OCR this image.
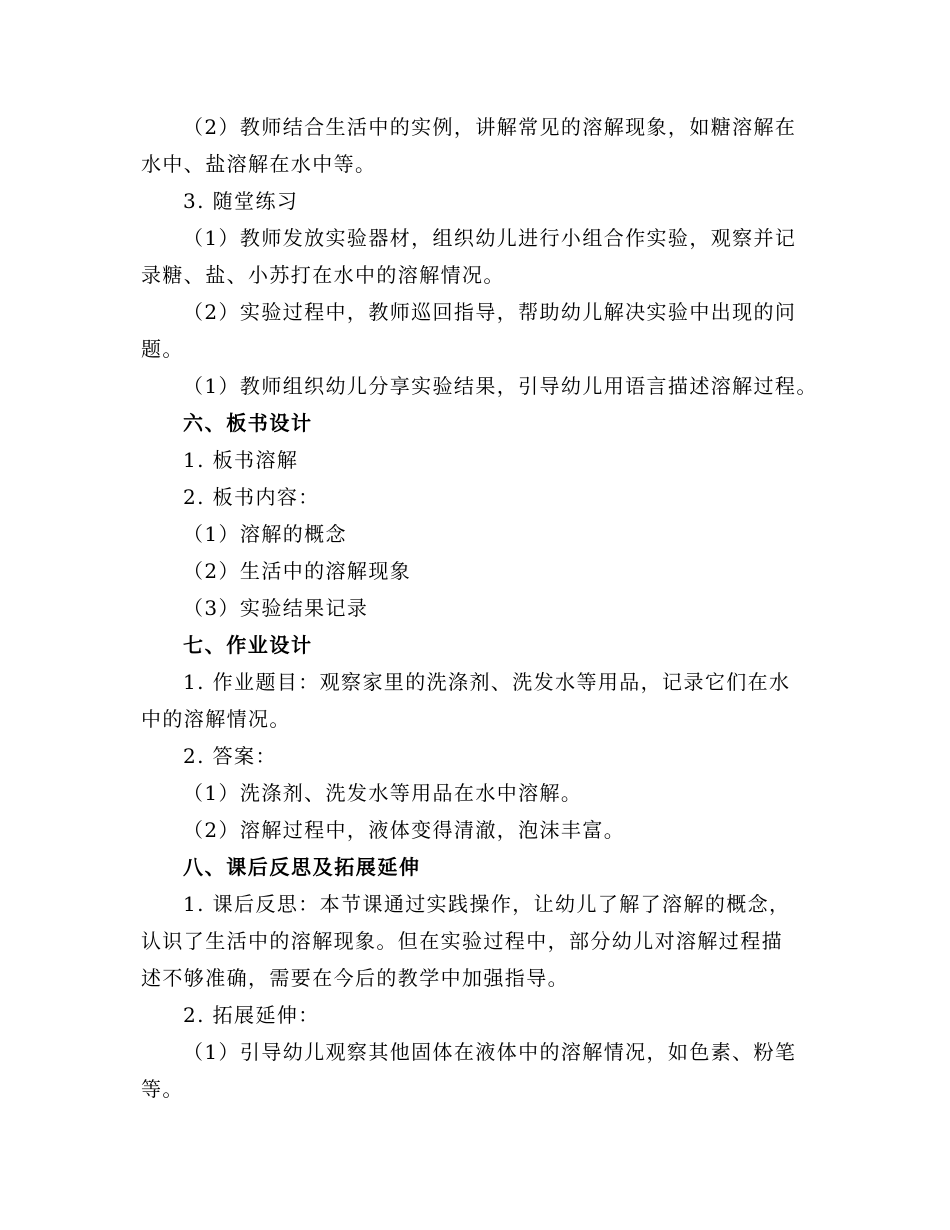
（2）教师结合生活中的实例，讲解常见的溶解现象，如糖溶解在
水中、盐溶解在水中等。
3. 随堂练习
（1）教师发放实验器材，组织幼儿进行小组合作实验，观察并记
录糖、盐、小苏打在水中的溶解情况。
（2）实验过程中，教师巡回指导，帮助幼儿解决实验中出现的问
题。
（1）教师组织幼儿分享实验结果，引导幼儿用语言描述溶解过程。
六、板书设计
1. 板书溶解
2. 板书内容：
（1）溶解的概念
（2）生活中的溶解现象
（3）实验结果记录
七、作业设计
1. 作业题目：观察家里的洗涤剂、洗发水等用品，记录它们在水
中的溶解情况。
2. 答案：
（1）洗涤剂、洗发水等用品在水中溶解。
（2）溶解过程中，液体变得清澈，泡沫丰富。
八、课后反思及拓展延伸
1. 课后反思：本节课通过实践操作，让幼儿了解了溶解的概念，
认识了生活中的溶解现象。但在实验过程中，部分幼儿对溶解过程描
述不够准确，需要在今后的教学中加强指导。
2. 拓展延伸：
（1）引导幼儿观察其他固体在液体中的溶解情况，如色素、粉笔
等。
